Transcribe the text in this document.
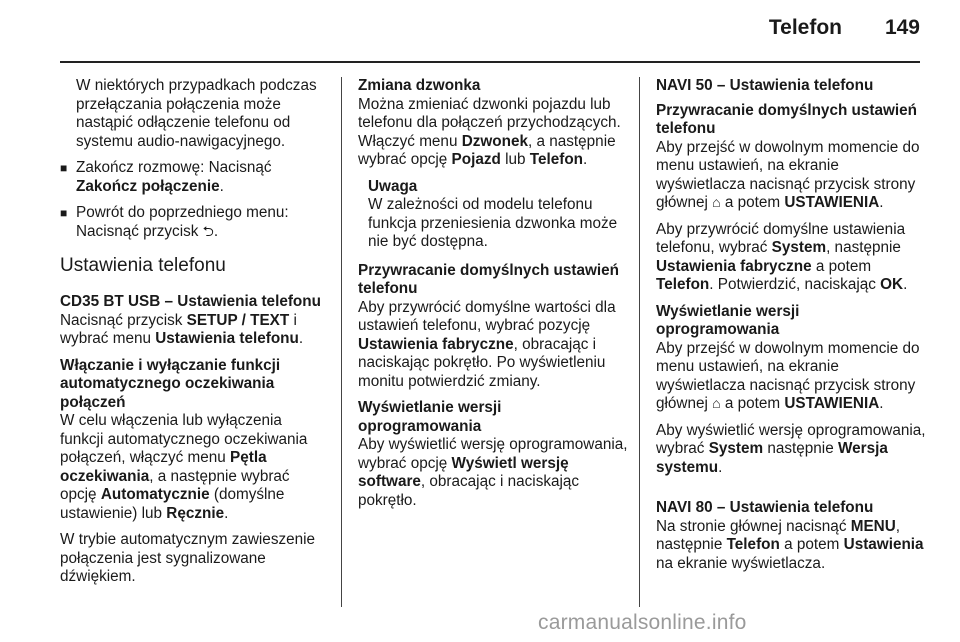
Telefon 149

W niektórych przypadkach podczas przełączania połączenia może nastąpić odłączenie telefonu od systemu audio-nawigacyjnego.

■ Zakończ rozmowę: Nacisnąć Zakończ połączenie.
■ Powrót do poprzedniego menu: Nacisnąć przycisk ⮌.
Ustawienia telefonu

CD35 BT USB – Ustawienia telefonu

Nacisnąć przycisk SETUP / TEXT i wybrać menu Ustawienia telefonu.

Włączanie i wyłączanie funkcji automatycznego oczekiwania połączeń

W celu włączenia lub wyłączenia funkcji automatycznego oczekiwania połączeń, włączyć menu Pętla oczekiwania, a następnie wybrać opcję Automatycznie (domyślne ustawienie) lub Ręcznie.

W trybie automatycznym zawieszenie połączenia jest sygnalizowane dźwiękiem.

Zmiana dzwonka

Można zmieniać dzwonki pojazdu lub telefonu dla połączeń przychodzących. Włączyć menu Dzwonek, a następnie wybrać opcję Pojazd lub Telefon.

Uwaga
W zależności od modelu telefonu funkcja przeniesienia dzwonka może nie być dostępna.

Przywracanie domyślnych ustawień telefonu

Aby przywrócić domyślne wartości dla ustawień telefonu, wybrać pozycję Ustawienia fabryczne, obracając i naciskając pokrętło. Po wyświetleniu monitu potwierdzić zmiany.

Wyświetlanie wersji oprogramowania

Aby wyświetlić wersję oprogramowania, wybrać opcję Wyświetl wersję software, obracając i naciskając pokrętło.

NAVI 50 – Ustawienia telefonu

Przywracanie domyślnych ustawień telefonu

Aby przejść w dowolnym momencie do menu ustawień, na ekranie wyświetlacza nacisnąć przycisk strony głównej ⌂ a potem USTAWIENIA.

Aby przywrócić domyślne ustawienia telefonu, wybrać System, następnie Ustawienia fabryczne a potem Telefon. Potwierdzić, naciskając OK.

Wyświetlanie wersji oprogramowania

Aby przejść w dowolnym momencie do menu ustawień, na ekranie wyświetlacza nacisnąć przycisk strony głównej ⌂ a potem USTAWIENIA.

Aby wyświetlić wersję oprogramowania, wybrać System następnie Wersja systemu.

NAVI 80 – Ustawienia telefonu

Na stronie głównej nacisnąć MENU, następnie Telefon a potem Ustawienia na ekranie wyświetlacza.

carmanualsonline.info
